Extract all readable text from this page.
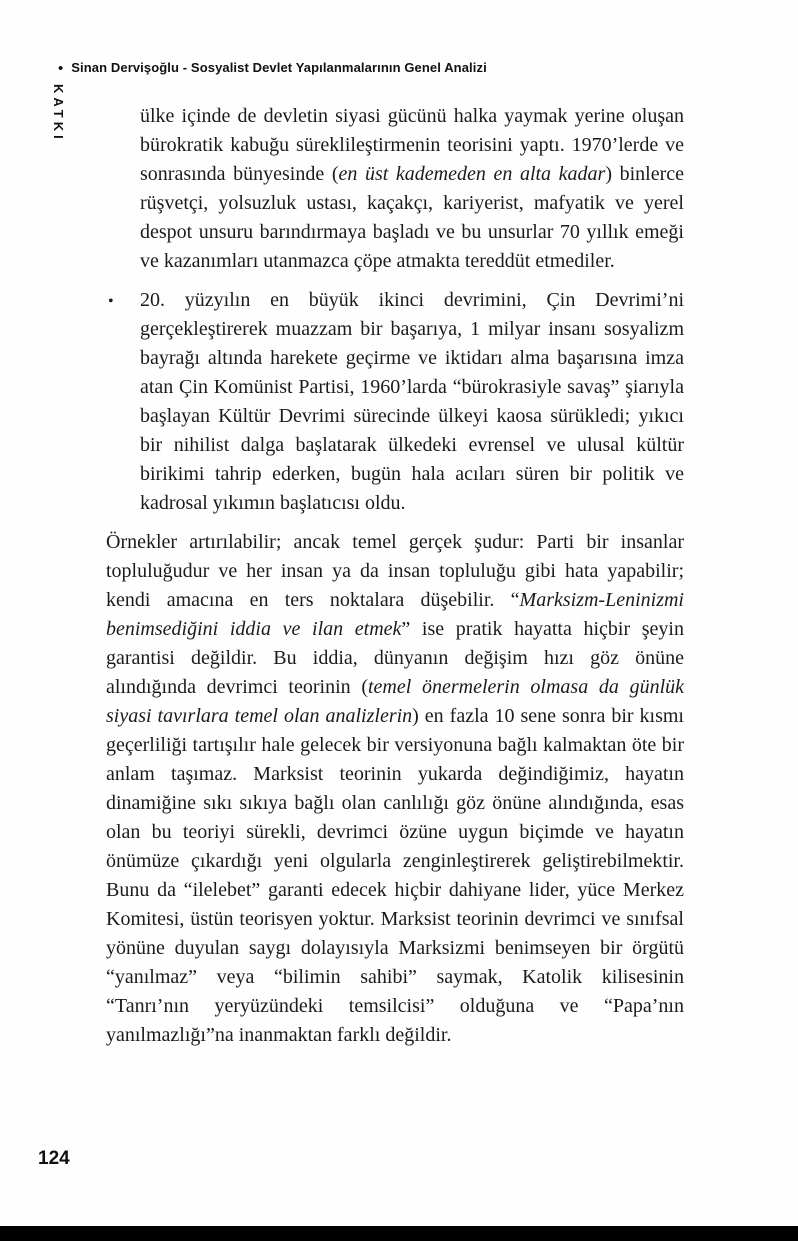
• Sinan Dervişoğlu - Sosyalist Devlet Yapılanmalarının Genel Analizi
KATKI	ülke içinde de devletin siyasi gücünü halka yaymak yerine oluşan bürokratik kabuğu süreklileştirmenin teorisini yaptı. 1970’lerde ve sonrasında bünyesinde (en üst kademeden en alta kadar) binlerce rüşvetçi, yolsuzluk ustası, kaçakçı, kariyerist, mafyatik ve yerel despot unsuru barındırmaya başladı ve bu unsurlar 70 yıllık emeği ve kazanımları utanmazca çöpe atmakta tereddüt etmediler.
• 20. yüzyılın en büyük ikinci devrimini, Çin Devrimi’ni gerçekleştirerek muazzam bir başarıya, 1 milyar insanı sosyalizm bayrağı altında harekete geçirme ve iktidarı alma başarısına imza atan Çin Komünist Partisi, 1960’larda “bürokrasiyle savaş” şiarıyla başlayan Kültür Devrimi sürecinde ülkeyi kaosa sürükledi; yıkıcı bir nihilist dalga başlatarak ülkedeki evrensel ve ulusal kültür birikimi tahrip ederken, bugün hala acıları süren bir politik ve kadrosal yıkımın başlatıcısı oldu.
Örnekler artırılabilir; ancak temel gerçek şudur: Parti bir insanlar topluluğudur ve her insan ya da insan topluluğu gibi hata yapabilir; kendi amacına en ters noktalara düşebilir. “Marksizm-Leninizmi benimsediğini iddia ve ilan etmek” ise pratik hayatta hiçbir şeyin garantisi değildir. Bu iddia, dünyanın değişim hızı göz önüne alındığında devrimci teorinin (temel önermelerin olmasa da günlük siyasi tavırlara temel olan analizlerin) en fazla 10 sene sonra bir kısmı geçerliliği tartışılır hale gelecek bir versiyonuna bağlı kalmaktan öte bir anlam taşımaz. Marksist teorinin yukarda değindiğimiz, hayatın dinamiğine sıkı sıkıya bağlı olan canlılığı göz önüne alındığında, esas olan bu teoriyi sürekli, devrimci özüne uygun biçimde ve hayatın önümüze çıkardığı yeni olgularla zenginleştirerek geliştirebilmektir. Bunu da “ilelebet” garanti edecek hiçbir dahiyane lider, yüce Merkez Komitesi, üstün teorisyen yoktur. Marksist teorinin devrimci ve sınıfsal yönüne duyulan saygı dolayısıyla Marksizmi benimseyen bir örgütü “yanılmaz” veya “bilimin sahibi” saymak, Katolik kilisesinin “Tanrı’nın yeryüzündeki temsilcisi” olduğuna ve “Papa’nın yanılmazlığı”na inanmaktan farklı değildir.
124
